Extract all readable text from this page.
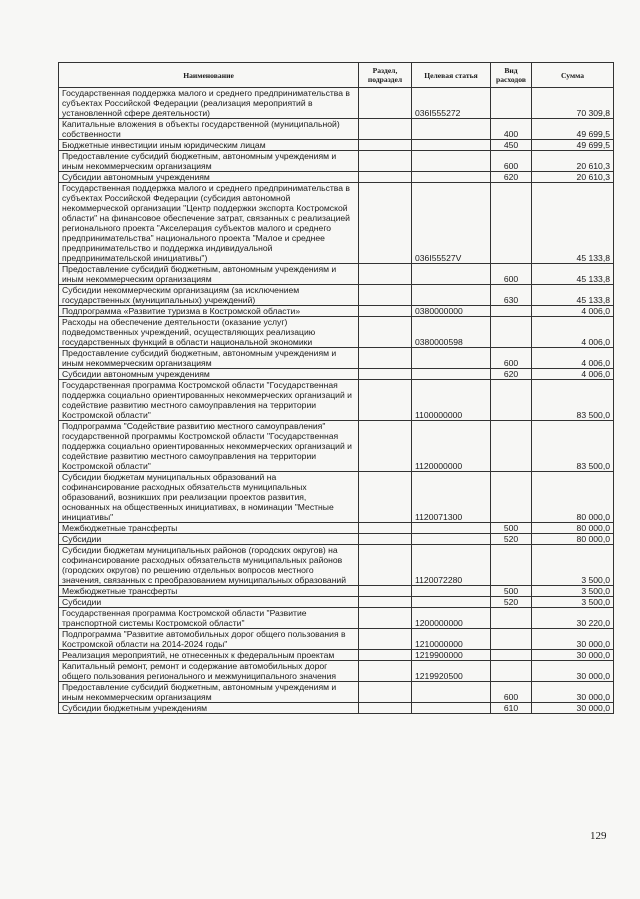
Наименование	Раздел, подраздел	Целевая статья	Вид расходов	Сумма
Государственная поддержка малого и среднего предпринимательства в субъектах Российской Федерации (реализация мероприятий в установленной сфере деятельности)		036I555272		70 309,8
Капитальные вложения в объекты государственной (муниципальной) собственности			400	49 699,5
Бюджетные инвестиции иным юридическим лицам			450	49 699,5
Предоставление субсидий бюджетным, автономным учреждениям и иным некоммерческим организациям			600	20 610,3
Субсидии автономным учреждениям			620	20 610,3
Государственная поддержка малого и среднего предпринимательства в субъектах Российской Федерации (субсидия автономной некоммерческой организации "Центр поддержки экспорта Костромской области" на финансовое обеспечение затрат, связанных с реализацией регионального проекта "Акселерация субъектов малого и среднего предпринимательства" национального проекта "Малое и среднее предпринимательство и поддержка индивидуальной предпринимательской инициативы")		036I55527V		45 133,8
Предоставление субсидий бюджетным, автономным учреждениям и иным некоммерческим организациям			600	45 133,8
Субсидии некоммерческим организациям (за исключением государственных (муниципальных) учреждений)			630	45 133,8
Подпрограмма «Развитие туризма в Костромской области»		0380000000		4 006,0
Расходы на обеспечение деятельности (оказание услуг) подведомственных учреждений, осуществляющих реализацию государственных функций в области национальной экономики		0380000598		4 006,0
Предоставление субсидий бюджетным, автономным учреждениям и иным некоммерческим организациям			600	4 006,0
Субсидии автономным учреждениям			620	4 006,0
Государственная программа Костромской области "Государственная поддержка социально ориентированных некоммерческих организаций и содействие развитию местного самоуправления на территории Костромской области"		1100000000		83 500,0
Подпрограмма "Содействие развитию местного самоуправления" государственной программы Костромской области "Государственная поддержка социально ориентированных некоммерческих организаций и содействие развитию местного самоуправления на территории Костромской области"		1120000000		83 500,0
Субсидии бюджетам муниципальных образований на софинансирование расходных обязательств муниципальных образований, возникших при реализации проектов развития, основанных на общественных инициативах, в номинации "Местные инициативы"		1120071300		80 000,0
Межбюджетные трансферты			500	80 000,0
Субсидии			520	80 000,0
Субсидии бюджетам муниципальных районов (городских округов) на софинансирование расходных обязательств муниципальных районов (городских округов) по решению отдельных вопросов местного значения, связанных с преобразованием муниципальных образований		1120072280		3 500,0
Межбюджетные трансферты			500	3 500,0
Субсидии			520	3 500,0
Государственная программа Костромской области "Развитие транспортной системы Костромской области"		1200000000		30 220,0
Подпрограмма "Развитие автомобильных дорог общего пользования в Костромской области на 2014-2024 годы"		1210000000		30 000,0
Реализация мероприятий, не отнесенных к федеральным проектам		1219900000		30 000,0
Капитальный ремонт, ремонт и содержание автомобильных дорог общего пользования регионального и межмуниципального значения		1219920500		30 000,0
Предоставление субсидий бюджетным, автономным учреждениям и иным некоммерческим организациям			600	30 000,0
Субсидии бюджетным учреждениям			610	30 000,0
129
